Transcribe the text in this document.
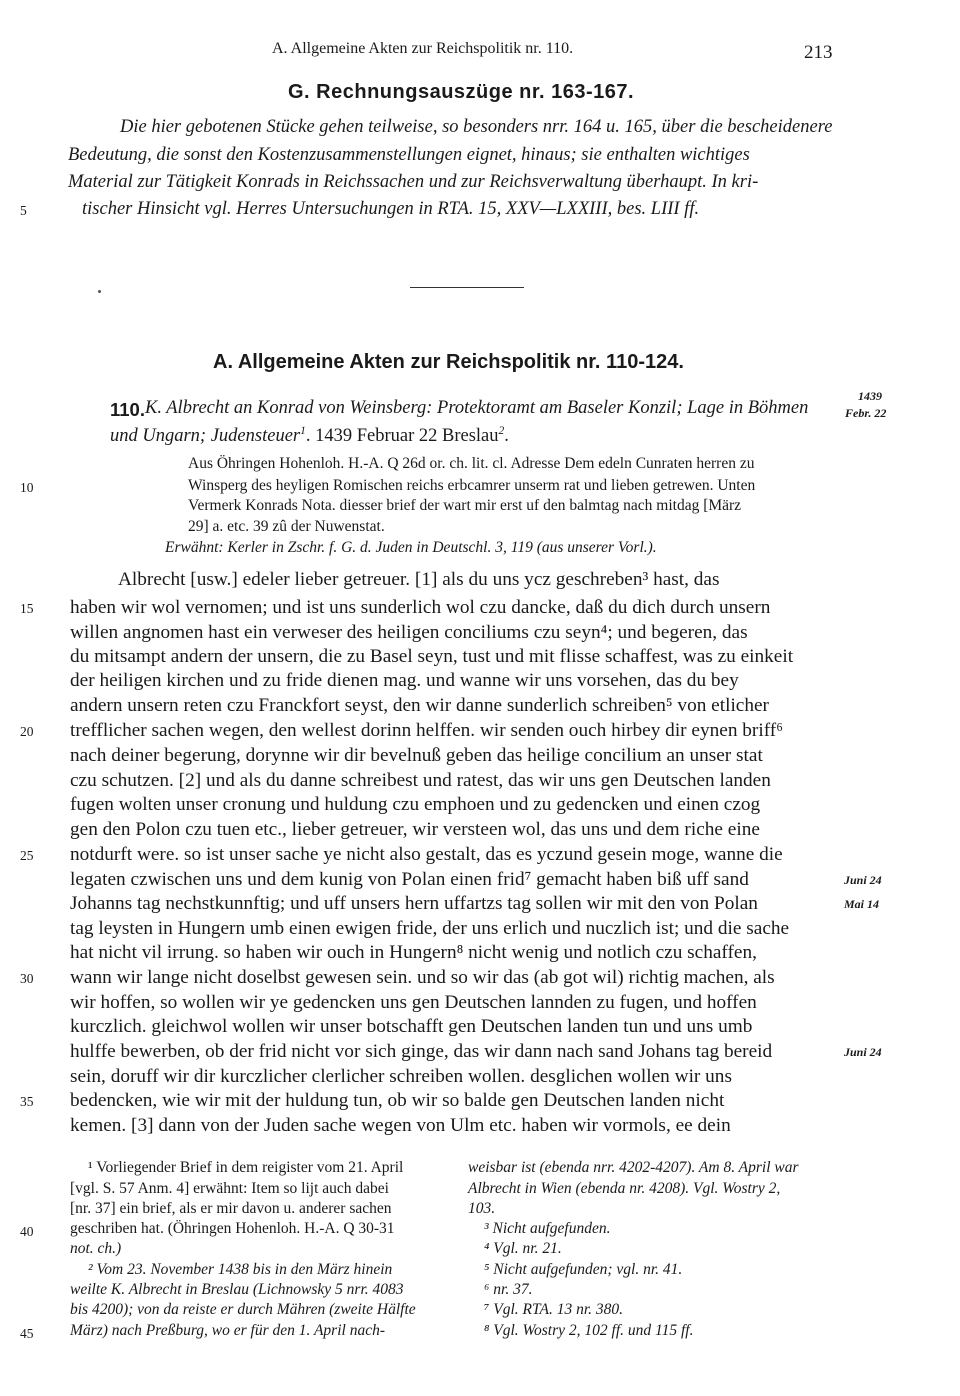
A. Allgemeine Akten zur Reichspolitik nr. 110.	213
G. Rechnungsauszüge nr. 163-167.
Die hier gebotenen Stücke gehen teilweise, so besonders nrr. 164 u. 165, über die bescheidenere
Bedeutung, die sonst den Kostenzusammenstellungen eignet, hinaus; sie enthalten wichtiges
Material zur Tätigkeit Konrads in Reichssachen und zur Reichsverwaltung überhaupt. In kri-
tischer Hinsicht vgl. Herres Untersuchungen in RTA. 15, XXV—LXXIII, bes. LIII ff.
5
A. Allgemeine Akten zur Reichspolitik nr. 110-124.
110. K. Albrecht an Konrad von Weinsberg: Protektoramt am Baseler Konzil; Lage in Böhmen
und Ungarn; Judensteuer$^1$. 1439 Februar 22 Breslau$^2$.
1439
Febr. 22
Aus Öhringen Hohenloh. H.-A. Q 26d or. ch. lit. cl. Adresse Dem edeln Cunraten herren zu
Winsperg des heyligen Romischen reichs erbcamrer unserm rat und lieben getrewen. Unten
Vermerk Konrads Nota. diesser brief der wart mir erst uf den balmtag nach mitdag [März
29] a. etc. 39 zû der Nuwenstat.
Erwähnt: Kerler in Zschr. f. G. d. Juden in Deutschl. 3, 119 (aus unserer Vorl.).
10
Albrecht [usw.] edeler lieber getreuer. [1] als du uns ycz geschreben³ hast, das
haben wir wol vernomen; und ist uns sunderlich wol czu dancke, daß du dich durch unsern
willen angnomen hast ein verweser des heiligen conciliums czu seyn⁴; und begeren, das
du mitsampt andern der unsern, die zu Basel seyn, tust und mit flisse schaffest, was zu einkeit
der heiligen kirchen und zu fride dienen mag. und wanne wir uns vorsehen, das du bey
andern unsern reten czu Franckfort seyst, den wir danne sunderlich schreiben⁵ von etlicher
trefflicher sachen wegen, den wellest dorinn helffen. wir senden ouch hirbey dir eynen briff⁶
nach deiner begerung, dorynne wir dir bevelnuß geben das heilige concilium an unser stat
czu schutzen. [2] und als du danne schreibest und ratest, das wir uns gen Deutschen landen
fugen wolten unser cronung und huldung czu emphoen und zu gedencken und einen czog
gen den Polon czu tuen etc., lieber getreuer, wir versteen wol, das uns und dem riche eine
notdurft were. so ist unser sache ye nicht also gestalt, das es yczund gesein moge, wanne die
legaten czwischen uns und dem kunig von Polan einen frid⁷ gemacht haben biß uff sand
Johanns tag nechstkunnftig; und uff unsers hern uffartzs tag sollen wir mit den von Polan
tag leysten in Hungern umb einen ewigen fride, der uns erlich und nuczlich ist; und die sache
hat nicht vil irrung. so haben wir ouch in Hungern⁸ nicht wenig und notlich czu schaffen,
wann wir lange nicht doselbst gewesen sein. und so wir das (ab got wil) richtig machen, als
wir hoffen, so wollen wir ye gedencken uns gen Deutschen lannden zu fugen, und hoffen
kurczlich. gleichwol wollen wir unser botschafft gen Deutschen landen tun und uns umb
hulffe bewerben, ob der frid nicht vor sich ginge, das wir dann nach sand Johans tag bereid
sein, doruff wir dir kurczlicher clerlicher schreiben wollen. desglichen wollen wir uns
bedencken, wie wir mit der huldung tun, ob wir so balde gen Deutschen landen nicht
kemen. [3] dann von der Juden sache wegen von Ulm etc. haben wir vormols, ee dein
15
20
25
30
35
Juni 24
Mai 14
Juni 24
¹ Vorliegender Brief in dem reigister vom 21. April
[vgl. S. 57 Anm. 4] erwähnt: Item so lijt auch dabei
[nr. 37] ein brief, als er mir davon u. anderer sachen
geschriben hat. (Öhringen Hohenloh. H.-A. Q 30-31
not. ch.)
² Vom 23. November 1438 bis in den März hinein
weilte K. Albrecht in Breslau (Lichnowsky 5 nrr. 4083
bis 4200); von da reiste er durch Mähren (zweite Hälfte
März) nach Preßburg, wo er für den 1. April nach-
weisbar ist (ebenda nrr. 4202-4207). Am 8. April war
Albrecht in Wien (ebenda nr. 4208). Vgl. Wostry 2,
103.
³ Nicht aufgefunden.
⁴ Vgl. nr. 21.
⁵ Nicht aufgefunden; vgl. nr. 41.
⁶ nr. 37.
⁷ Vgl. RTA. 13 nr. 380.
⁸ Vgl. Wostry 2, 102 ff. und 115 ff.
40
45
